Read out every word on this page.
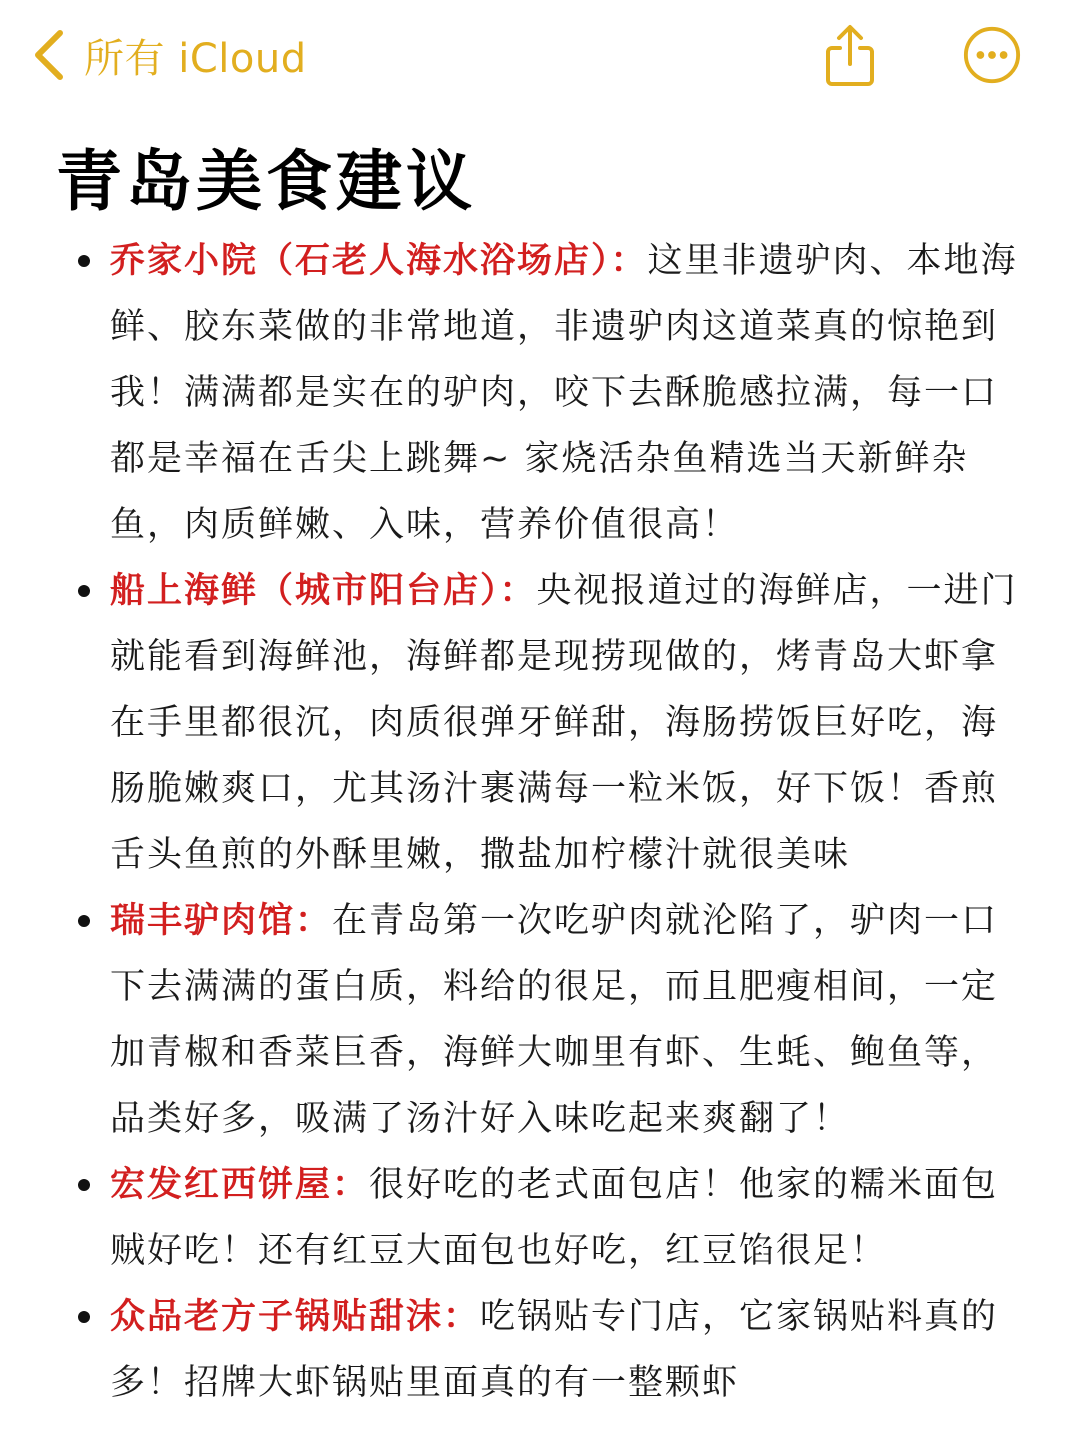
所有 iCloud
青岛美食建议
乔家小院（石老人海水浴场店）：这里非遗驴肉、本地海鲜、胶东菜做的非常地道，非遗驴肉这道菜真的惊艳到我！满满都是实在的驴肉，咬下去酥脆感拉满，每一口都是幸福在舌尖上跳舞~ 家烧活杂鱼精选当天新鲜杂鱼，肉质鲜嫩、入味，营养价值很高！
船上海鲜（城市阳台店）：央视报道过的海鲜店，一进门就能看到海鲜池，海鲜都是现捞现做的，烤青岛大虾拿在手里都很沉，肉质很弹牙鲜甜，海肠捞饭巨好吃，海肠脆嫩爽口，尤其汤汁裹满每一粒米饭，好下饭！香煎舌头鱼煎的外酥里嫩，撒盐加柠檬汁就很美味
瑞丰驴肉馆：在青岛第一次吃驴肉就沦陷了，驴肉一口下去满满的蛋白质，料给的很足，而且肥瘦相间，一定加青椒和香菜巨香，海鲜大咖里有虾、生蚝、鲍鱼等，品类好多，吸满了汤汁好入味吃起来爽翻了！
宏发红西饼屋：很好吃的老式面包店！他家的糯米面包贼好吃！还有红豆大面包也好吃，红豆馅很足！
众品老方子锅贴甜沫：吃锅贴专门店，它家锅贴料真的多！招牌大虾锅贴里面真的有一整颗虾
